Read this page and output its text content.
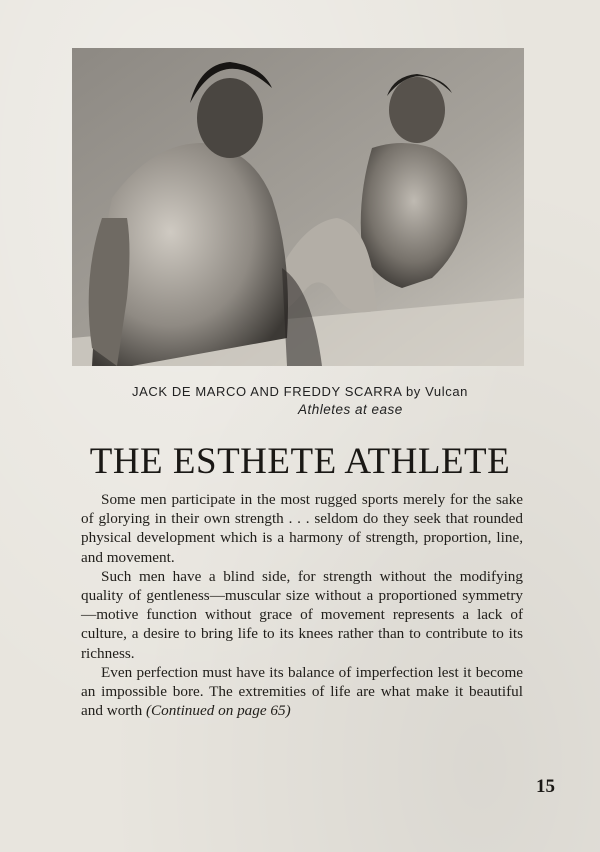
JACK DE MARCO AND FREDDY SCARRA by Vulcan
Athletes at ease
THE ESTHETE ATHLETE

Some men participate in the most rugged sports merely for the sake of glorying in their own strength . . . seldom do they seek that rounded physical development which is a harmony of strength, proportion, line, and movement.

Such men have a blind side, for strength without the modifying quality of gentleness—muscular size without a proportioned symmetry—motive function without grace of movement represents a lack of culture, a desire to bring life to its knees rather than to contribute to its richness.

Even perfection must have its balance of imperfection lest it become an impossible bore. The extremities of life are what make it beautiful and worth (Continued on page 65)

15
